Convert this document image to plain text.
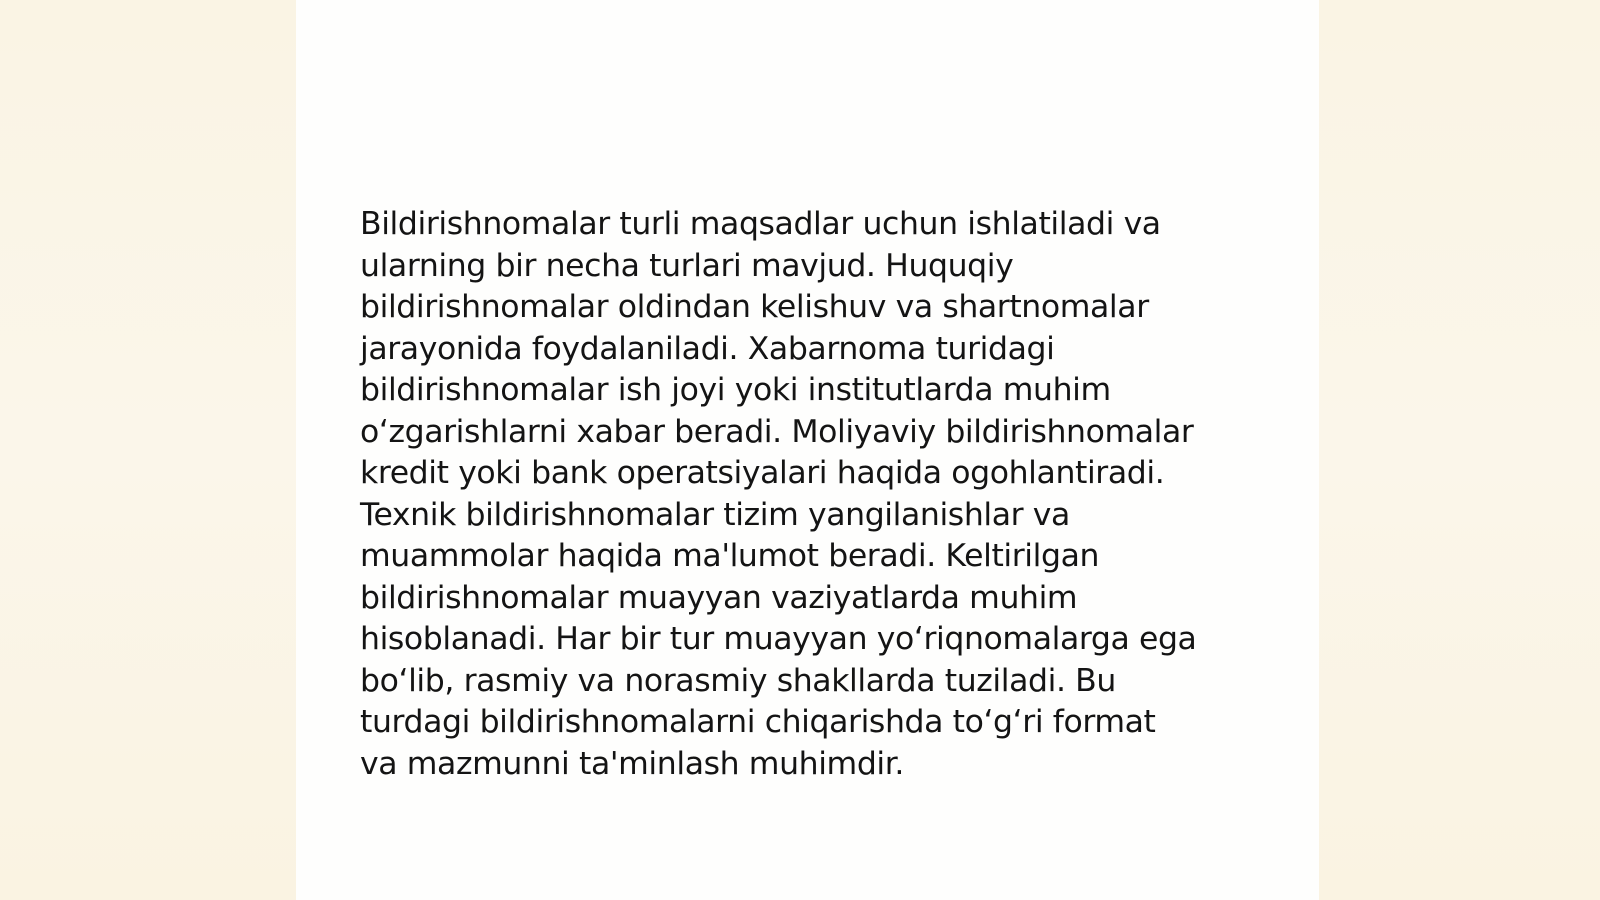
Bildirishnomalar turli maqsadlar uchun ishlatiladi va
ularning bir necha turlari mavjud. Huquqiy
bildirishnomalar oldindan kelishuv va shartnomalar
jarayonida foydalaniladi. Xabarnoma turidagi
bildirishnomalar ish joyi yoki institutlarda muhim
o‘zgarishlarni xabar beradi. Moliyaviy bildirishnomalar
kredit yoki bank operatsiyalari haqida ogohlantiradi.
Texnik bildirishnomalar tizim yangilanishlar va
muammolar haqida ma'lumot beradi. Keltirilgan
bildirishnomalar muayyan vaziyatlarda muhim
hisoblanadi. Har bir tur muayyan yo‘riqnomalarga ega
bo‘lib, rasmiy va norasmiy shakllarda tuziladi. Bu
turdagi bildirishnomalarni chiqarishda to‘g‘ri format
va mazmunni ta'minlash muhimdir.
